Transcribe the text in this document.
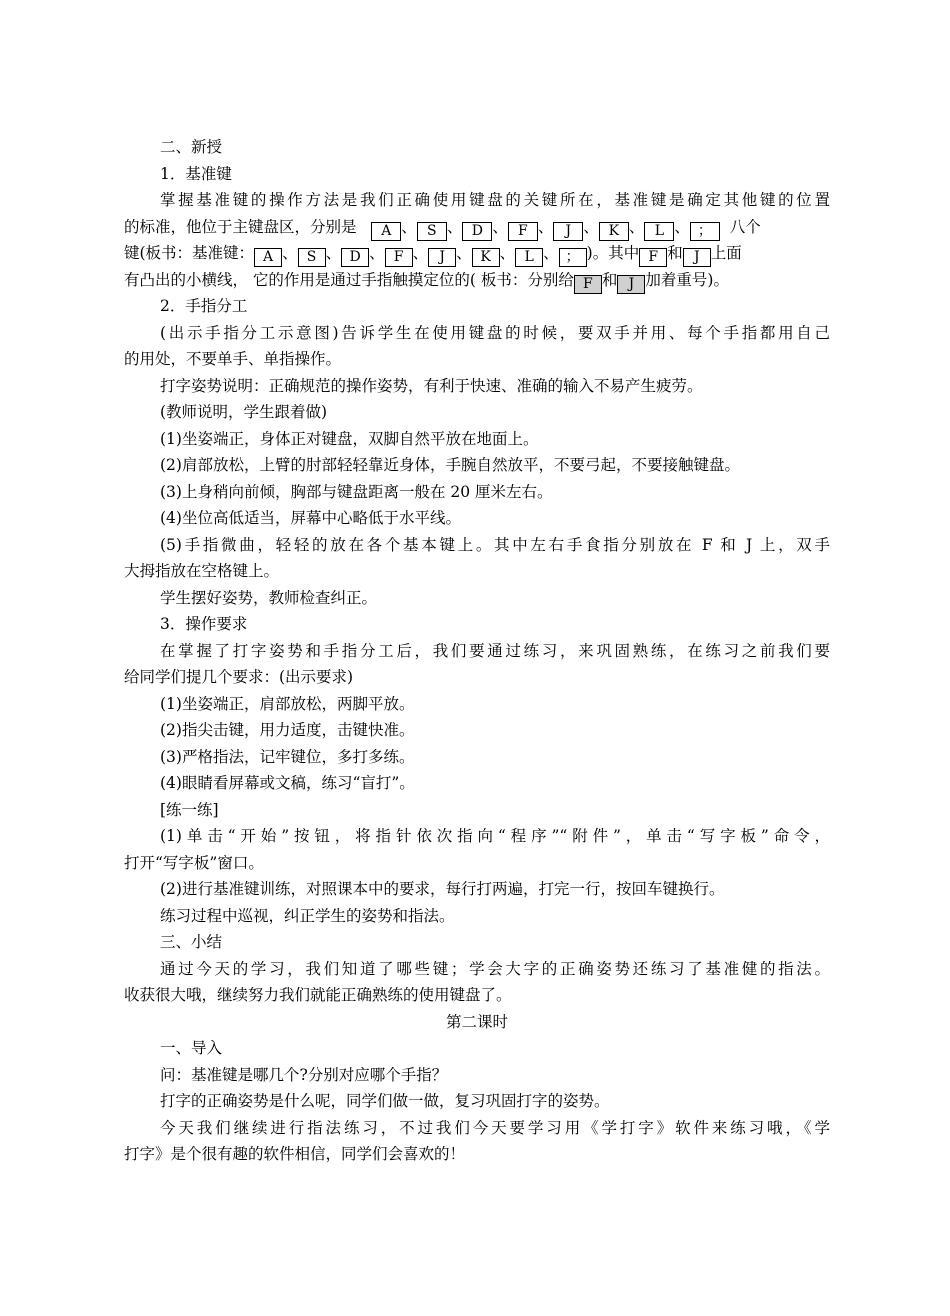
二、新授
1．基准键
掌握基准键的操作方法是我们正确使用键盘的关键所在，基准键是确定其他键的位置
的标准，他位于主键盘区，分别是 A 、 S 、 D 、 F 、 J 、 K 、 L 、 ； 八个
键(板书：基准键： A 、 S 、 D 、 F 、 J 、 K 、 L 、 ； )。其中 F 和 J 上面
有凸出的小横线， 它的作用是通过手指触摸定位的( 板书：分别给 F 和 J 加着重号)。
2．手指分工
(出示手指分工示意图)告诉学生在使用键盘的时候，要双手并用、每个手指都用自己
的用处，不要单手、单指操作。
打字姿势说明：正确规范的操作姿势，有利于快速、准确的输入不易产生疲劳。
(教师说明，学生跟着做)
(1)坐姿端正，身体正对键盘，双脚自然平放在地面上。
(2)肩部放松，上臂的肘部轻轻靠近身体，手腕自然放平，不要弓起，不要接触键盘。
(3)上身稍向前倾，胸部与键盘距离一般在 20 厘米左右。
(4)坐位高低适当，屏幕中心略低于水平线。
(5)手指微曲，轻轻的放在各个基本键上。其中左右手食指分别放在 F 和 J 上，双手
大拇指放在空格键上。
学生摆好姿势，教师检查纠正。
3．操作要求
在掌握了打字姿势和手指分工后，我们要通过练习，来巩固熟练，在练习之前我们要
给同学们提几个要求：(出示要求)
(1)坐姿端正，肩部放松，两脚平放。
(2)指尖击键，用力适度，击键快准。
(3)严格指法，记牢键位，多打多练。
(4)眼睛看屏幕或文稿，练习“盲打”。
[练一练]
(1)单击“开始”按钮，将指针依次指向“程序”“附件”，单击“写字板”命令，
打开“写字板”窗口。
(2)进行基准键训练，对照课本中的要求，每行打两遍，打完一行，按回车键换行。
练习过程中巡视，纠正学生的姿势和指法。
三、小结
通过今天的学习，我们知道了哪些键；学会大字的正确姿势还练习了基准健的指法。
收获很大哦，继续努力我们就能正确熟练的使用键盘了。
第二课时
一、导入
问：基准键是哪几个?分别对应哪个手指？
打字的正确姿势是什么呢，同学们做一做，复习巩固打字的姿势。
今天我们继续进行指法练习，不过我们今天要学习用《学打字》软件来练习哦，《学
打字》是个很有趣的软件相信，同学们会喜欢的！
